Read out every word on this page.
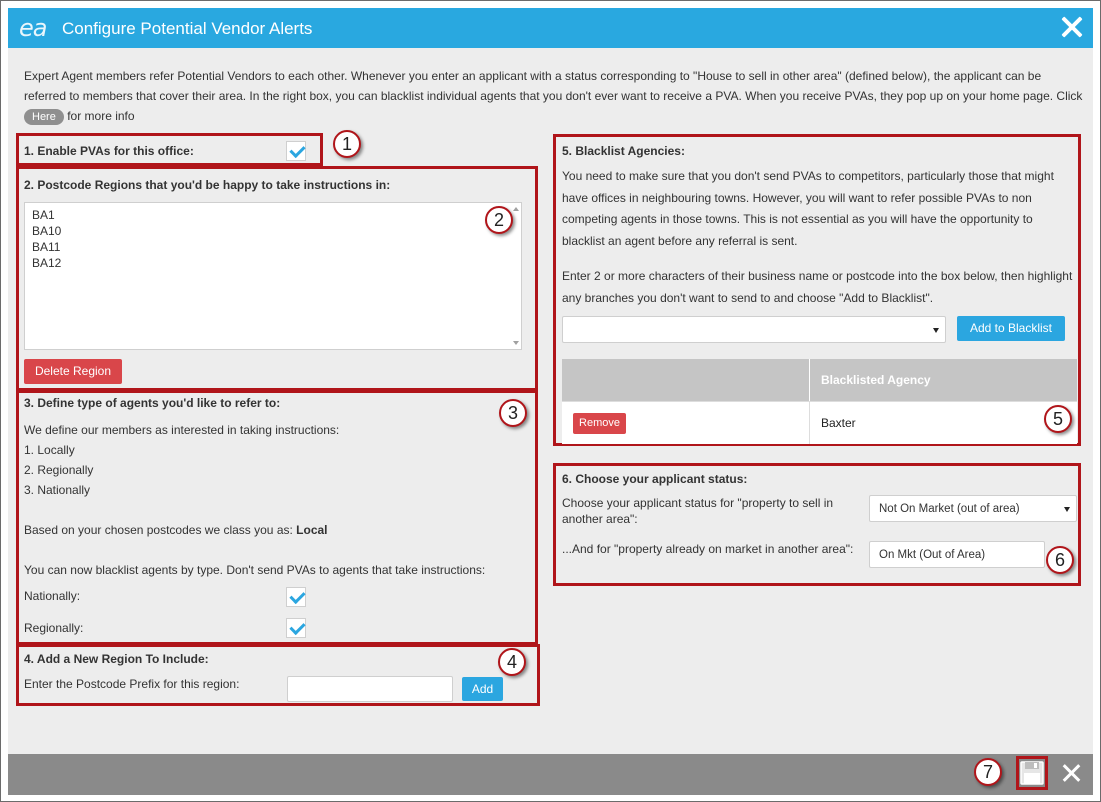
ea Configure Potential Vendor Alerts
Expert Agent members refer Potential Vendors to each other. Whenever you enter an applicant with a status corresponding to "House to sell in other area" (defined below), the applicant can be referred to members that cover their area. In the right box, you can blacklist individual agents that you don't ever want to receive a PVA. When you receive PVAs, they pop up on your home page. Click Here for more info
1. Enable PVAs for this office:	1
2. Postcode Regions that you'd be happy to take instructions in:
BA1
BA10
BA11
BA12
Delete Region
2
3. Define type of agents you'd like to refer to:
We define our members as interested in taking instructions:
1. Locally
2. Regionally
3. Nationally
Based on your chosen postcodes we class you as: Local
You can now blacklist agents by type. Don't send PVAs to agents that take instructions:
Nationally:
Regionally:
3
4. Add a New Region To Include:
Enter the Postcode Prefix for this region:	Add
4
5. Blacklist Agencies:
You need to make sure that you don't send PVAs to competitors, particularly those that might have offices in neighbouring towns. However, you will want to refer possible PVAs to non competing agents in those towns. This is not essential as you will have the opportunity to blacklist an agent before any referral is sent.
Enter 2 or more characters of their business name or postcode into the box below, then highlight any branches you don't want to send to and choose "Add to Blacklist".
Add to Blacklist
Blacklisted Agency
Remove	Baxter	5
6. Choose your applicant status:
Choose your applicant status for "property to sell in another area":
Not On Market (out of area)
...And for "property already on market in another area":	On Mkt (Out of Area)	6
7
